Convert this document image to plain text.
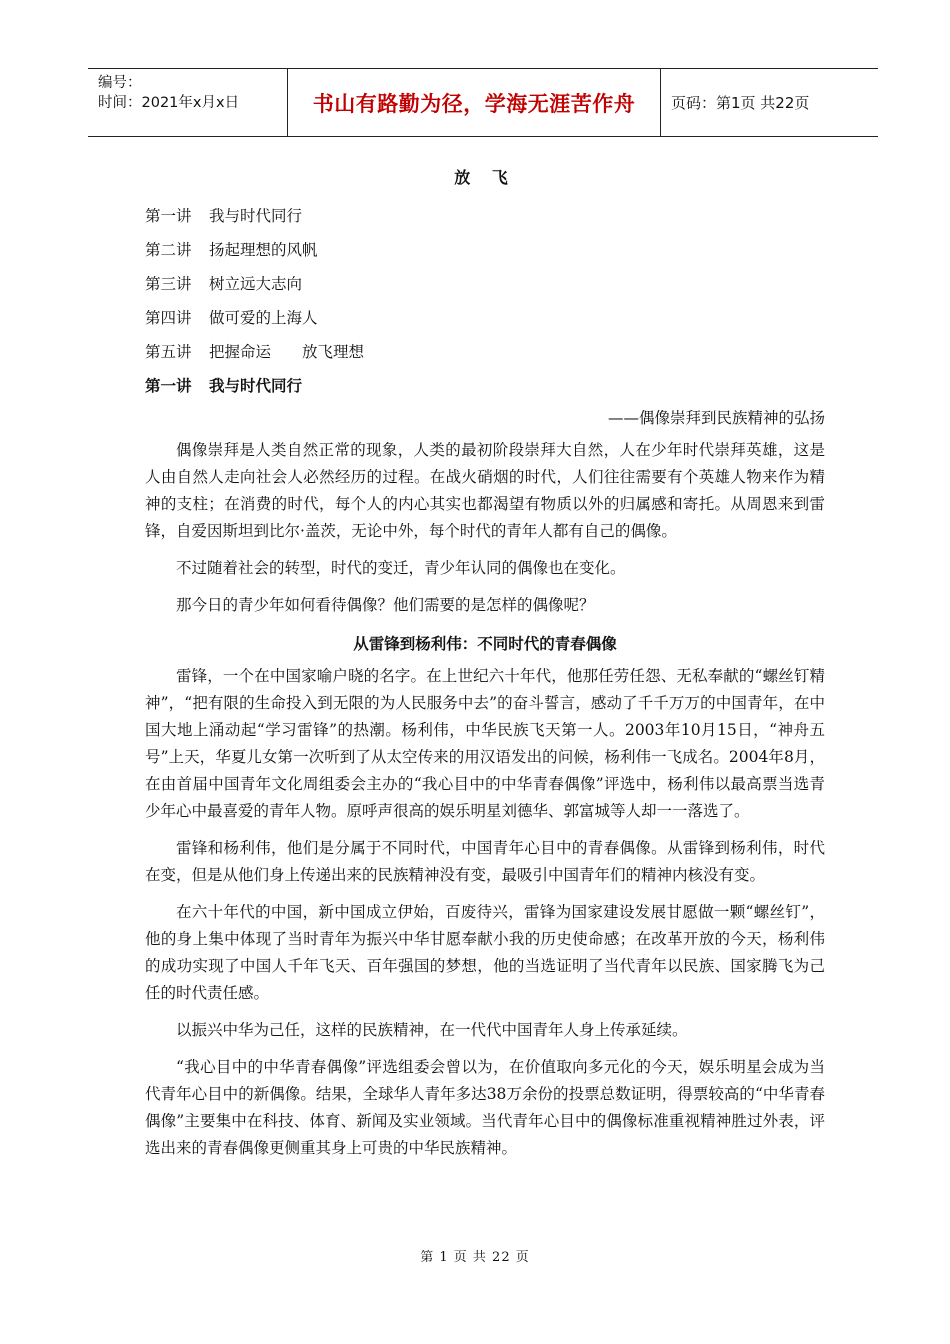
编号：
时间：2021年x月x日	书山有路勤为径，学海无涯苦作舟	页码：第1页 共22页
放 飞
第一讲 我与时代同行
第二讲 扬起理想的风帆
第三讲 树立远大志向
第四讲 做可爱的上海人
第五讲 把握命运　　放飞理想
第一讲 我与时代同行
——偶像崇拜到民族精神的弘扬

偶像崇拜是人类自然正常的现象，人类的最初阶段崇拜大自然，人在少年时代崇拜英雄，这是人由自然人走向社会人必然经历的过程。在战火硝烟的时代，人们往往需要有个英雄人物来作为精神的支柱；在消费的时代，每个人的内心其实也都渴望有物质以外的归属感和寄托。从周恩来到雷锋，自爱因斯坦到比尔·盖茨，无论中外，每个时代的青年人都有自己的偶像。

不过随着社会的转型，时代的变迁，青少年认同的偶像也在变化。

那今日的青少年如何看待偶像？他们需要的是怎样的偶像呢？

从雷锋到杨利伟：不同时代的青春偶像

雷锋，一个在中国家喻户晓的名字。在上世纪六十年代，他那任劳任怨、无私奉献的“螺丝钉精神”，“把有限的生命投入到无限的为人民服务中去”的奋斗誓言，感动了千千万万的中国青年，在中国大地上涌动起“学习雷锋”的热潮。杨利伟，中华民族飞天第一人。2003年10月15日，“神舟五号”上天，华夏儿女第一次听到了从太空传来的用汉语发出的问候，杨利伟一飞成名。2004年8月，在由首届中国青年文化周组委会主办的“我心目中的中华青春偶像”评选中，杨利伟以最高票当选青少年心中最喜爱的青年人物。原呼声很高的娱乐明星刘德华、郭富城等人却一一落选了。

雷锋和杨利伟，他们是分属于不同时代，中国青年心目中的青春偶像。从雷锋到杨利伟，时代在变，但是从他们身上传递出来的民族精神没有变，最吸引中国青年们的精神内核没有变。

在六十年代的中国，新中国成立伊始，百废待兴，雷锋为国家建设发展甘愿做一颗“螺丝钉”，他的身上集中体现了当时青年为振兴中华甘愿奉献小我的历史使命感；在改革开放的今天，杨利伟的成功实现了中国人千年飞天、百年强国的梦想，他的当选证明了当代青年以民族、国家腾飞为己任的时代责任感。

以振兴中华为己任，这样的民族精神，在一代代中国青年人身上传承延续。

“我心目中的中华青春偶像”评选组委会曾以为，在价值取向多元化的今天，娱乐明星会成为当代青年心目中的新偶像。结果，全球华人青年多达38万余份的投票总数证明，得票较高的“中华青春偶像”主要集中在科技、体育、新闻及实业领域。当代青年心目中的偶像标准重视精神胜过外表，评选出来的青春偶像更侧重其身上可贵的中华民族精神。

第 1 页 共 22 页
